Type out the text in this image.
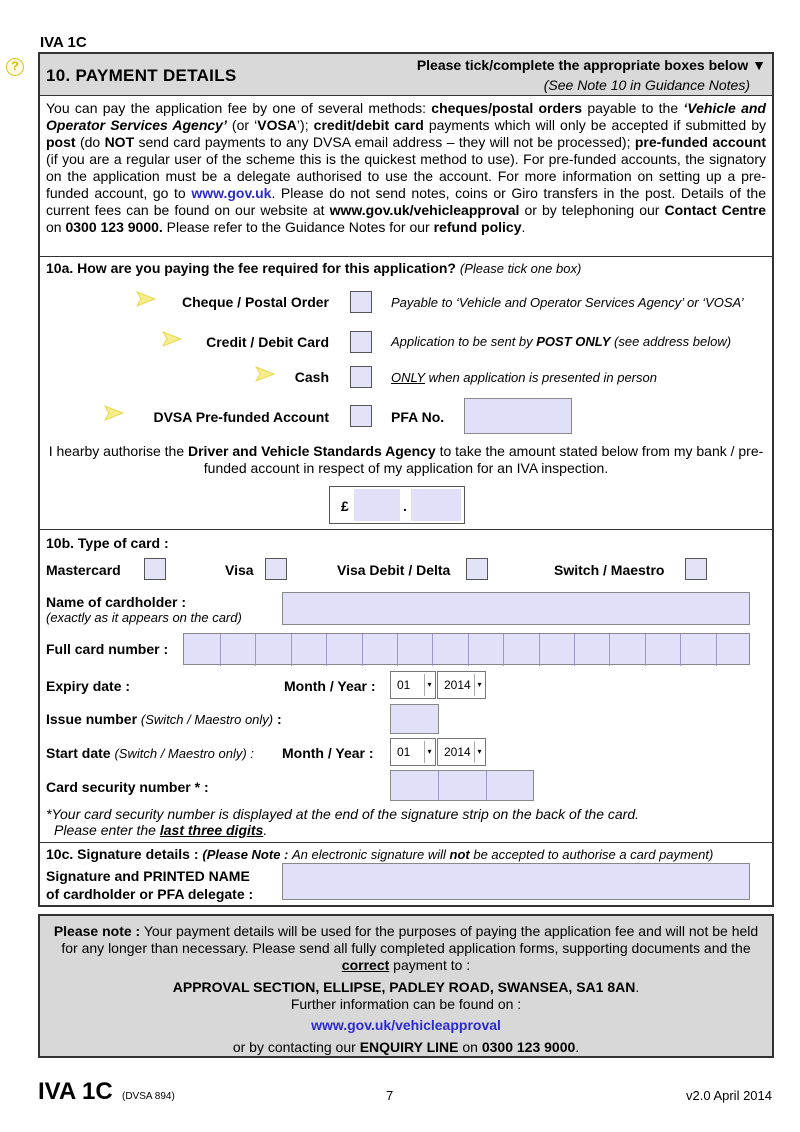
IVA 1C
?	10. PAYMENT DETAILS
Please tick/complete the appropriate boxes below ▼
(See Note 10 in Guidance Notes)
You can pay the application fee by one of several methods: cheques/postal orders payable to the ‘Vehicle and Operator Services Agency’ (or ‘VOSA’); credit/debit card payments which will only be accepted if submitted by post (do NOT send card payments to any DVSA email address – they will not be processed); pre-funded account (if you are a regular user of the scheme this is the quickest method to use). For pre-funded accounts, the signatory on the application must be a delegate authorised to use the account. For more information on setting up a pre-funded account, go to www.gov.uk. Please do not send notes, coins or Giro transfers in the post. Details of the current fees can be found on our website at www.gov.uk/vehicleapproval or by telephoning our Contact Centre on 0300 123 9000. Please refer to the Guidance Notes for our refund policy.
10a. How are you paying the fee required for this application? (Please tick one box)
Cheque / Postal Order	Payable to ‘Vehicle and Operator Services Agency’ or ‘VOSA’
Credit / Debit Card	Application to be sent by POST ONLY (see address below)
Cash	ONLY when application is presented in person
DVSA Pre-funded Account	PFA No.
I hearby authorise the Driver and Vehicle Standards Agency to take the amount stated below from my bank / pre-funded account in respect of my application for an IVA inspection.
£	.
10b. Type of card :
Mastercard	Visa	Visa Debit / Delta	Switch / Maestro
Name of cardholder :
(exactly as it appears on the card)
Full card number :
Expiry date :	Month / Year : 01	▾ 2014 ▾
Issue number (Switch / Maestro only) :
Start date (Switch / Maestro only) : Month / Year : 01	▾ 2014 ▾
Card security number * :
*Your card security number is displayed at the end of the signature strip on the back of the card.
Please enter the last three digits.
10c. Signature details : (Please Note : An electronic signature will not be accepted to authorise a card payment)
Signature and PRINTED NAME
of cardholder or PFA delegate :
Please note : Your payment details will be used for the purposes of paying the application fee and will not be held for any longer than necessary. Please send all fully completed application forms, supporting documents and the correct payment to :
APPROVAL SECTION, ELLIPSE, PADLEY ROAD, SWANSEA, SA1 8AN.
Further information can be found on :
www.gov.uk/vehicleapproval
or by contacting our ENQUIRY LINE on 0300 123 9000.
IVA 1C (DVSA 894)	7	v2.0 April 2014
